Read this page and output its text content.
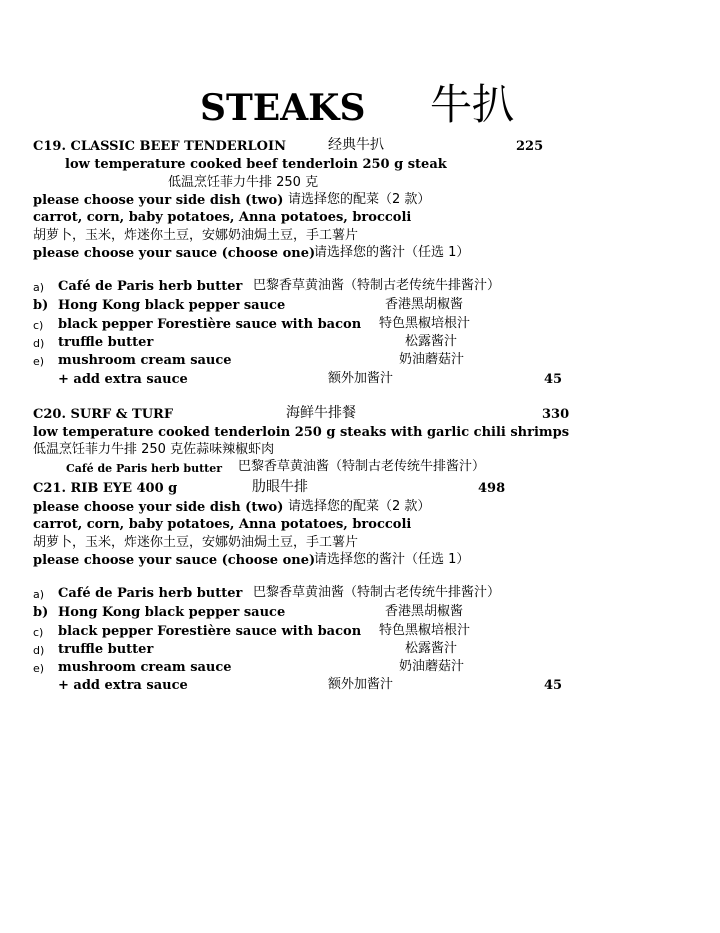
STEAKS 牛扒
C19. CLASSIC BEEF TENDERLOIN	经典牛扒	225
low temperature cooked beef tenderloin 250 g steak
低温烹饪菲力牛排 250 克
please choose your side dish (two) 请选择您的配菜（2 款）
carrot, corn, baby potatoes, Anna potatoes, broccoli
胡萝卜，玉米，炸迷你土豆，安娜奶油焗土豆，手工薯片
please choose your sauce (choose one)
请选择您的酱汁（任选 1）
a) Café de Paris herb butter 巴黎香草黄油酱（特制古老传统牛排酱汁）
b) Hong Kong black pepper sauce	香港黑胡椒酱
c) black pepper Forestière sauce with bacon 特色黑椒培根汁
d) truffle butter	松露酱汁
e) mushroom cream sauce	奶油蘑菇汁
+ add extra sauce	额外加酱汁	45
C20. SURF & TURF	海鲜牛排餐	330
low temperature cooked tenderloin 250 g steaks with garlic chili shrimps
低温烹饪菲力牛排 250 克佐蒜味辣椒虾肉
Café de Paris herb butter 巴黎香草黄油酱（特制古老传统牛排酱汁）
C21. RIB EYE 400 g	肋眼牛排	498
please choose your side dish (two) 请选择您的配菜（2 款）
carrot, corn, baby potatoes, Anna potatoes, broccoli
胡萝卜，玉米，炸迷你土豆，安娜奶油焗土豆，手工薯片
please choose your sauce (choose one)
请选择您的酱汁（任选 1）
a) Café de Paris herb butter 巴黎香草黄油酱（特制古老传统牛排酱汁）
b) Hong Kong black pepper sauce	香港黑胡椒酱
c) black pepper Forestière sauce with bacon 特色黑椒培根汁
d) truffle butter	松露酱汁
e) mushroom cream sauce	奶油蘑菇汁
+ add extra sauce	额外加酱汁	45
